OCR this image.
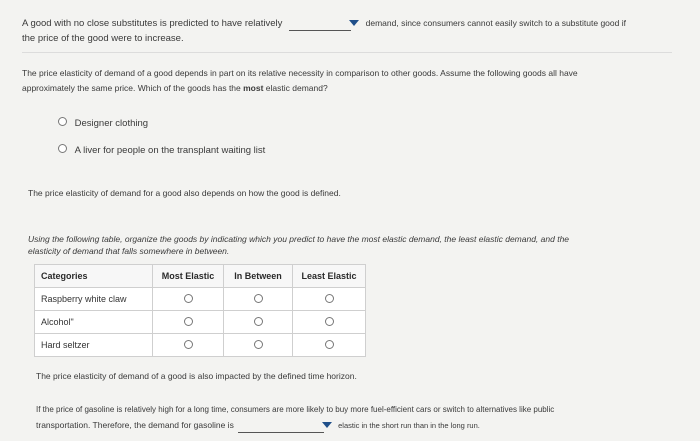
A good with no close substitutes is predicted to have relatively	demand, since consumers cannot easily switch to a substitute good if
the price of the good were to increase.
The price elasticity of demand of a good depends in part on its relative necessity in comparison to other goods. Assume the following goods all have
approximately the same price. Which of the goods has the most elastic demand?
Designer clothing
A liver for people on the transplant waiting list
The price elasticity of demand for a good also depends on how the good is defined.
Using the following table, organize the goods by indicating which you predict to have the most elastic demand, the least elastic demand, and the
elasticity of demand that falls somewhere in between.
Categories	Most Elastic	In Between	Least Elastic
Raspberry white claw			
Alcohol"			
Hard seltzer			
The price elasticity of demand of a good is also impacted by the defined time horizon.
If the price of gasoline is relatively high for a long time, consumers are more likely to buy more fuel-efficient cars or switch to alternatives like public
transportation. Therefore, the demand for gasoline is	elastic in the short run than in the long run.
